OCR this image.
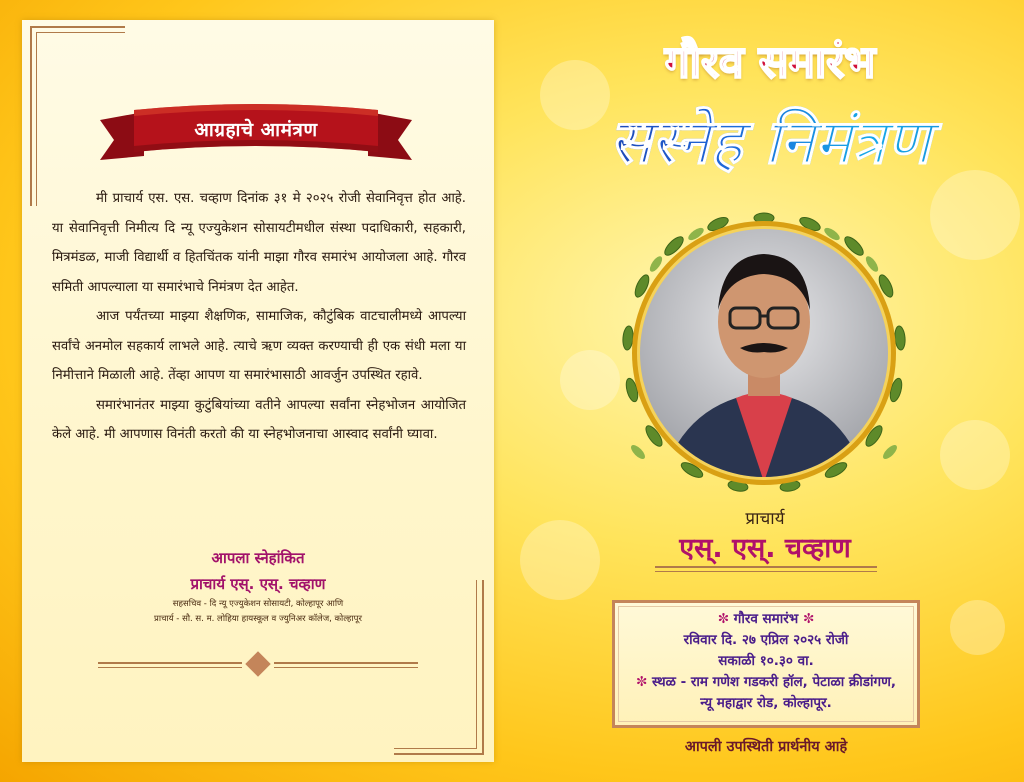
आग्रहाचे आमंत्रण

मी प्राचार्य एस. एस. चव्हाण दिनांक ३१ मे २०२५ रोजी सेवानिवृत्त होत आहे. या सेवानिवृत्ती निमीत्य दि न्यू एज्युकेशन सोसायटीमधील संस्था पदाधिकारी, सहकारी, मित्रमंडळ, माजी विद्यार्थी व हितचिंतक यांनी माझा गौरव समारंभ आयोजला आहे. गौरव समिती आपल्याला या समारंभाचे निमंत्रण देत आहेत.

आज पर्यंतच्या माझ्या शैक्षणिक, सामाजिक, कौटुंबिक वाटचालीमध्ये आपल्या सर्वांचे अनमोल सहकार्य लाभले आहे. त्याचे ऋण व्यक्त करण्याची ही एक संधी मला या निमीत्ताने मिळाली आहे. तेंव्हा आपण या समारंभासाठी आवर्जुन उपस्थित रहावे.

समारंभानंतर माझ्या कुटुंबियांच्या वतीने आपल्या सर्वांना स्नेहभोजन आयोजित केले आहे. मी आपणास विनंती करतो की या स्नेहभोजनाचा आस्वाद सर्वांनी घ्यावा.

आपला स्नेहांकित
प्राचार्य एस्. एस्. चव्हाण
सहसचिव - दि न्यू एज्युकेशन सोसायटी, कोल्हापूर आणि
प्राचार्य - सौ. स. म. लोहिया हायस्कूल व ज्युनिअर कॉलेज, कोल्हापूर
गौरव समारंभ
सस्नेह निमंत्रण
प्राचार्य
एस्. एस्. चव्हाण
✼ गौरव समारंभ ✼
रविवार दि. २७ एप्रिल २०२५ रोजी
सकाळी १०.३० वा.
✼ स्थळ - राम गणेश गडकरी हॉल, पेटाळा क्रीडांगण,
न्यू महाद्वार रोड, कोल्हापूर.
आपली उपस्थिती प्रार्थनीय आहे
